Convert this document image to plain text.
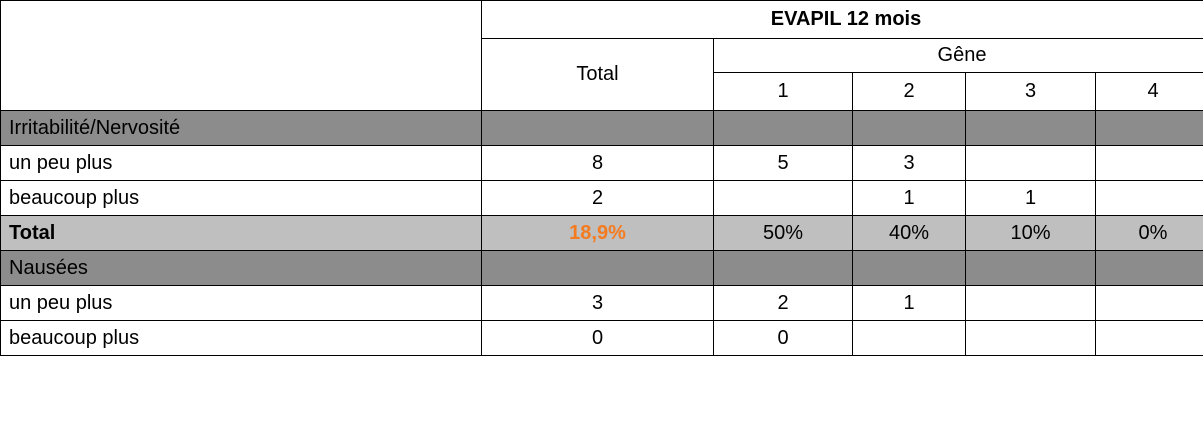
	EVAPIL 12 mois				
	Total	Gêne			
		1	2	3	4
Irritabilité/Nervosité					
un peu plus	8	5	3		
beaucoup plus	2		1	1	
Total	18,9%	50%	40%	10%	0%
Nausées					
un peu plus	3	2	1		
beaucoup plus	0	0			
